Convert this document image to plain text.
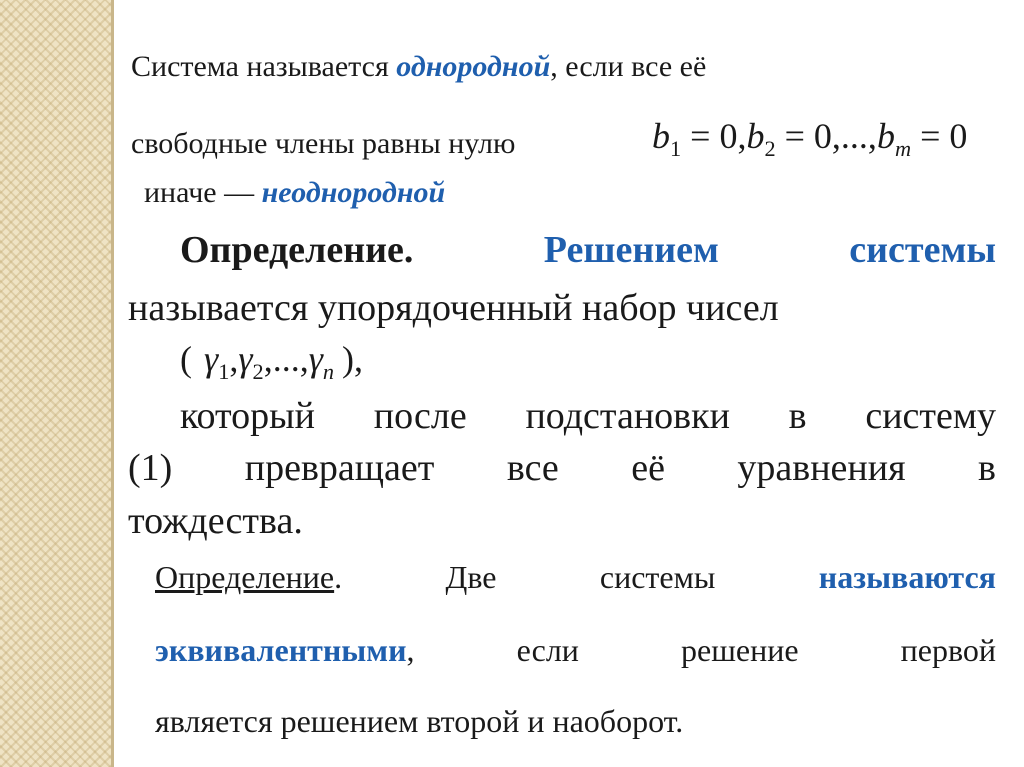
Система называется однородной, если все её
свободные члены равны нулю	$b_1 = 0,b_2 = 0,...,b_m = 0$
иначе — неоднородной
Определение.	Решением	системы
называется упорядоченный набор чисел
( $\gamma_1,\gamma_2,...,\gamma_n$ ),
который после подстановки в систему
(1) превращает все её уравнения в
тождества.
Определение.	Две	системы	называются
эквивалентными,	если	решение	первой
является решением второй и наоборот.
